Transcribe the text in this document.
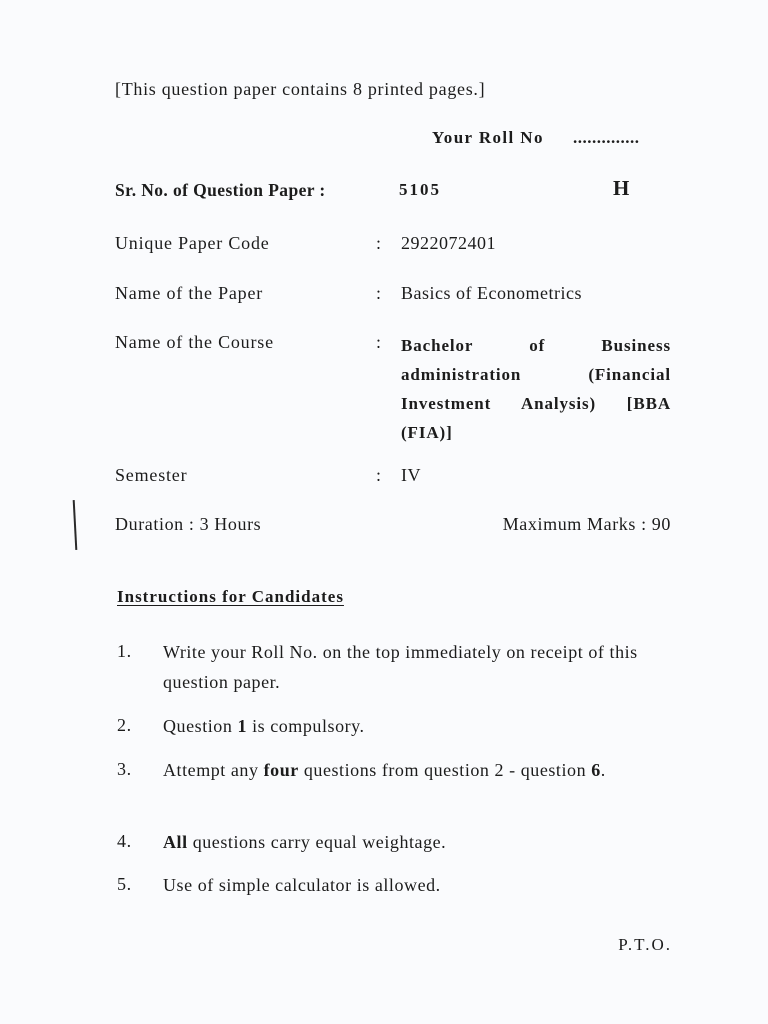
[This question paper contains 8 printed pages.]
Your Roll No ..............
Sr. No. of Question Paper :	5105	H
Unique Paper Code	: 2922072401
Name of the Paper	: Basics of Econometrics
Name of the Course	: Bachelor of Business administration (Financial Investment Analysis) [BBA (FIA)]
Semester	: IV
Duration : 3 Hours	Maximum Marks : 90
Instructions for Candidates
1. Write your Roll No. on the top immediately on receipt of this question paper.
2. Question 1 is compulsory.
3. Attempt any four questions from question 2 - question 6.
4. All questions carry equal weightage.
5. Use of simple calculator is allowed.
P.T.O.
